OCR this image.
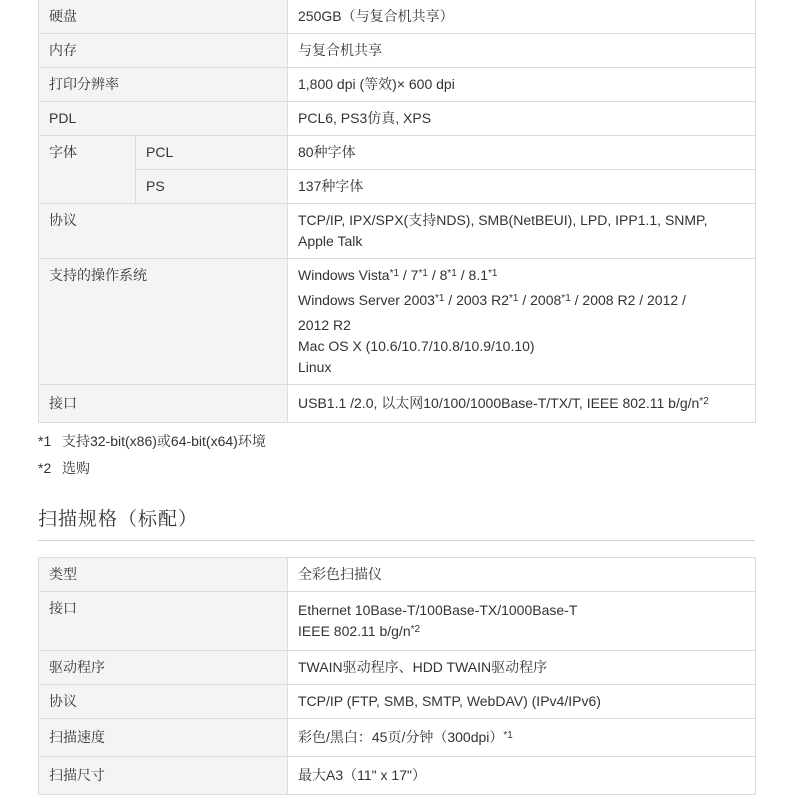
硬盘		250GB（与复合机共享）
内存		与复合机共享
打印分辨率		1,800 dpi (等效)× 600 dpi
PDL		PCL6, PS3仿真, XPS
字体	PCL	80种字体
	PS	137种字体
协议		TCP/IP, IPX/SPX(支持NDS), SMB(NetBEUI), LPD, IPP1.1, SNMP,
Apple Talk

支持的操作系统		Windows Vista$^{*1}$ / 7$^{*1}$ / 8$^{*1}$ / 8.1$^{*1}$
Windows Server 2003$^{*1}$ / 2003 R2$^{*1}$ / 2008$^{*1}$ / 2008 R2 / 2012 /
2012 R2
Mac OS X (10.6/10.7/10.8/10.9/10.10)
Linux

接口		USB1.1 /2.0, 以太网10/100/1000Base-T/TX/T, IEEE 802.11 $b/g/n^{*2}$
*1 支持32-bit(x86)或64-bit(x64)环境
*2 选购
扫描规格（标配）
类型	全彩色扫描仪
接口	Ethernet 10Base-T/100Base-TX/1000Base-T
IEEE 802.11 $b/g/n^{*2}$

驱动程序	TWAIN驱动程序、HDD TWAIN驱动程序
协议	TCP/IP (FTP, SMB, SMTP, WebDAV) (IPv4/IPv6)
扫描速度	彩色/黑白：45页/分钟$(300dpi)^{*1}$
扫描尺寸	最大A3（11" x 17"）
